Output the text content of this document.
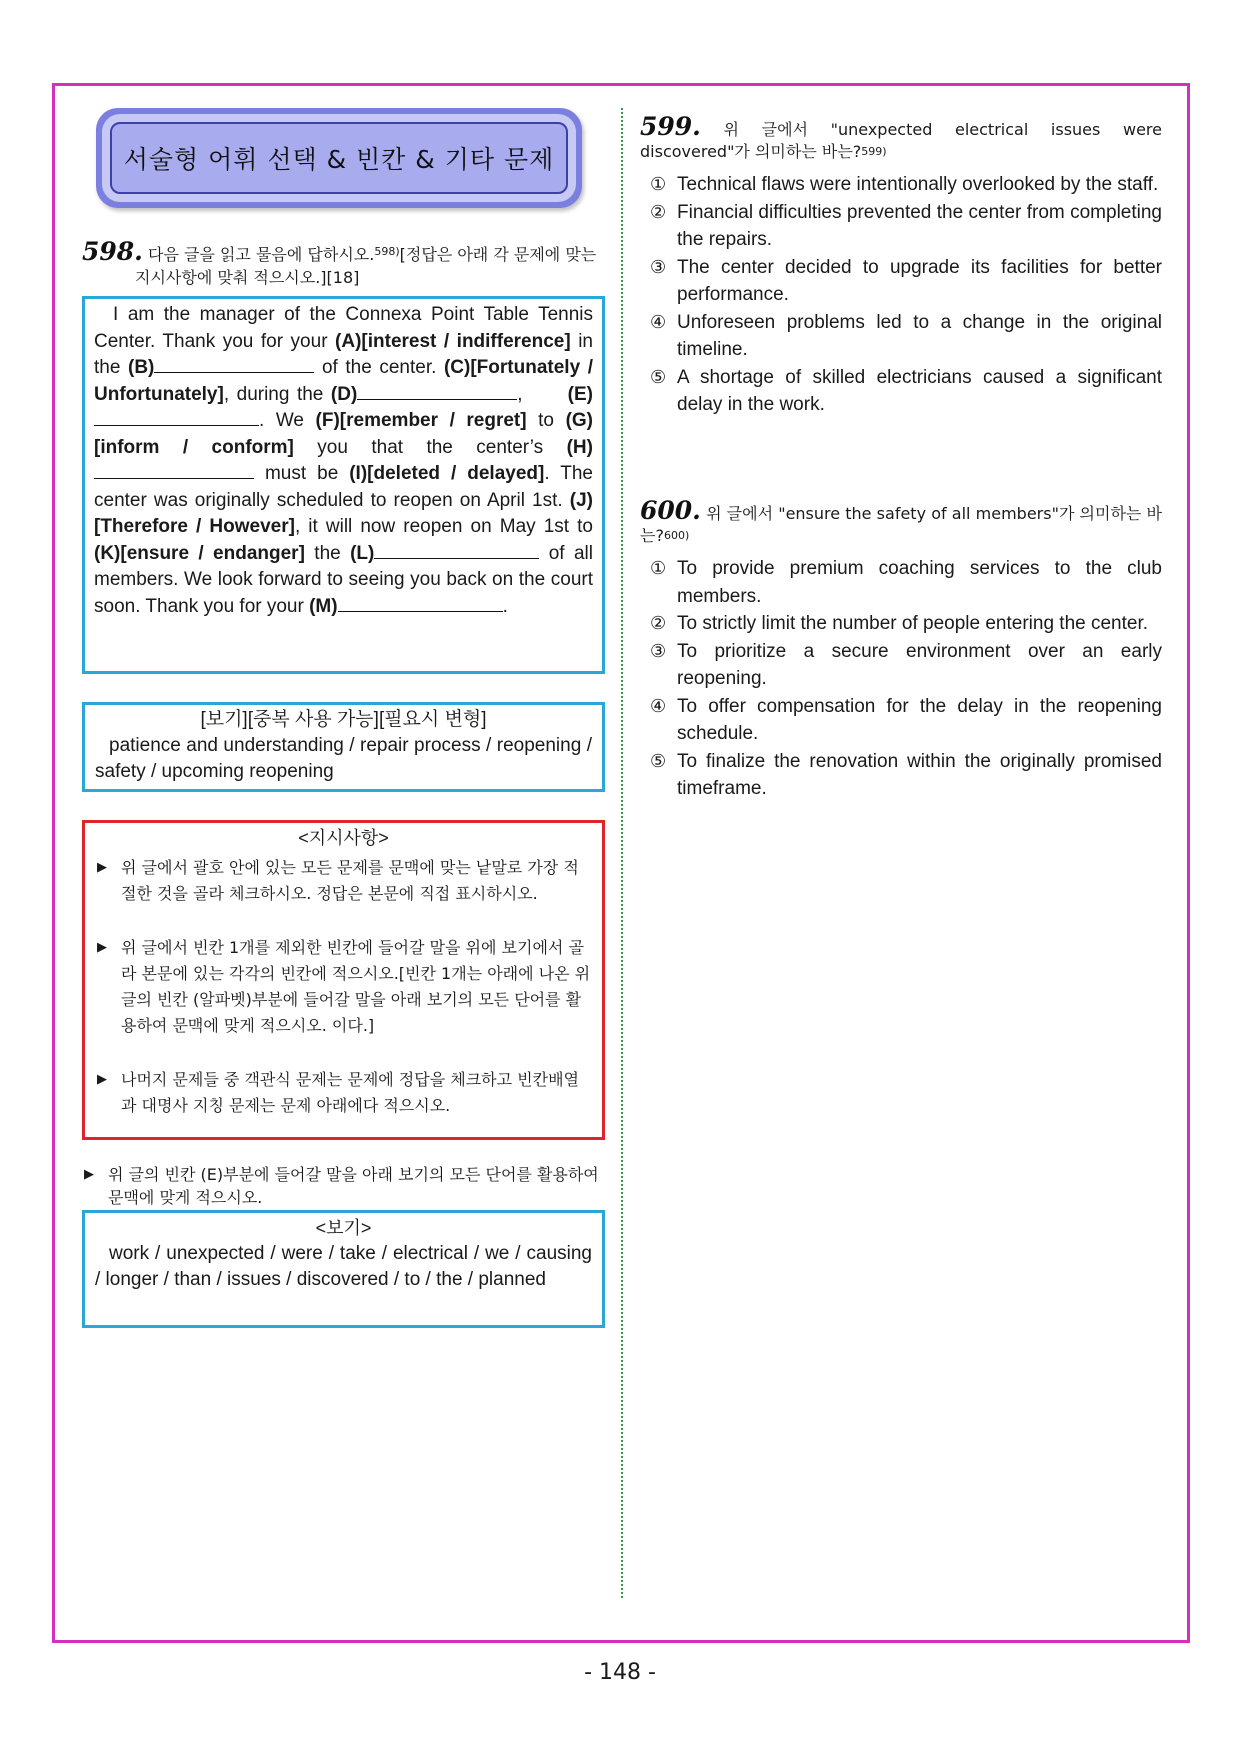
서술형 어휘 선택 & 빈칸 & 기타 문제
598. 다음 글을 읽고 물음에 답하시오.$^{598)}$[정답은 아래 각 문제에 맞는
지시사항에 맞춰 적으시오.][18]
I am the manager of the Connexa Point Table Tennis Center. Thank you for your (A)[interest / indifference] in the (B)	of the center. (C)[Fortunately / Unfortunately], during the (D)	,      (E). We (F)[remember / regret] to (G)[inform / conform] you that the center’s (H) must be (I)[deleted / delayed]. The center was originally scheduled to reopen on April 1st. (J)[Therefore / However], it will now reopen on May 1st to (K)[ensure / endanger] the (L)	of all members. We look forward to seeing you back on the court soon. Thank you for your (M)	.
[보기][중복 사용 가능][필요시 변형]
patience and understanding / repair process / reopening / safety / upcoming reopening
<지시사항>
▶ 위 글에서 괄호 안에 있는 모든 문제를 문맥에 맞는 낱말로 가장 적절한 것을 골라 체크하시오. 정답은 본문에 직접 표시하시오.
▶ 위 글에서 빈칸 1개를 제외한 빈칸에 들어갈 말을 위에 보기에서 골라 본문에 있는 각각의 빈칸에 적으시오.[빈칸 1개는 아래에 나온 위 글의 빈칸 (알파벳)부분에 들어갈 말을 아래 보기의 모든 단어를 활용하여 문맥에 맞게 적으시오. 이다.]
▶ 나머지 문제들 중 객관식 문제는 문제에 정답을 체크하고 빈칸배열과 대명사 지칭 문제는 문제 아래에다 적으시오.
▶ 위 글의 빈칸 (E)부분에 들어갈 말을 아래 보기의 모든 단어를 활용하여 문맥에 맞게 적으시오.
<보기>
work / unexpected / were / take / electrical / we / causing / longer / than / issues / discovered / to / the / planned
599. 위 글에서 "unexpected electrical issues were discovered"가 의미하는 바는?$^{599)}$
① Technical flaws were intentionally overlooked by the staff.
② Financial difficulties prevented the center from completing the repairs.
③ The center decided to upgrade its facilities for better performance.
④ Unforeseen problems led to a change in the original timeline.
⑤ A shortage of skilled electricians caused a significant delay in the work.
600. 위 글에서 "ensure the safety of all members"가 의미하는 바는?$^{600)}$
① To provide premium coaching services to the club members.
② To strictly limit the number of people entering the center.
③ To prioritize a secure environment over an early reopening.
④ To offer compensation for the delay in the reopening schedule.
⑤ To finalize the renovation within the originally promised timeframe.
- 148 -
